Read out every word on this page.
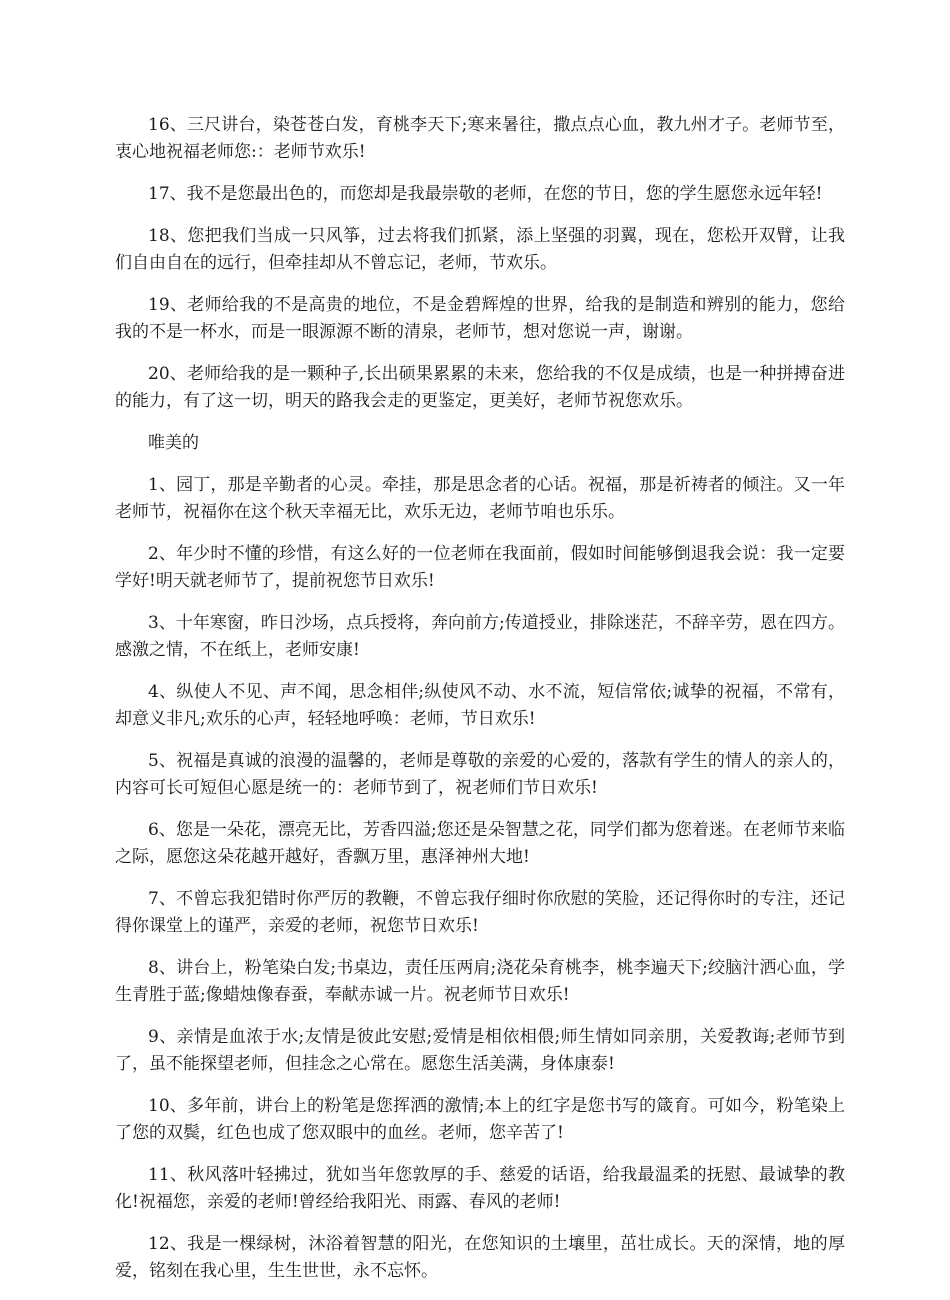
16、三尺讲台，染苍苍白发，育桃李天下;寒来暑往，撒点点心血，教九州才子。老师节至，衷心地祝福老师您:：老师节欢乐!

17、我不是您最出色的，而您却是我最崇敬的老师，在您的节日，您的学生愿您永远年轻!

18、您把我们当成一只风筝，过去将我们抓紧，添上坚强的羽翼，现在，您松开双臂，让我们自由自在的远行，但牵挂却从不曾忘记，老师，节欢乐。

19、老师给我的不是高贵的地位，不是金碧辉煌的世界，给我的是制造和辨别的能力，您给我的不是一杯水，而是一眼源源不断的清泉，老师节，想对您说一声，谢谢。

20、老师给我的是一颗种子,长出硕果累累的未来，您给我的不仅是成绩，也是一种拼搏奋进的能力，有了这一切，明天的路我会走的更鉴定，更美好，老师节祝您欢乐。

唯美的

1、园丁，那是辛勤者的心灵。牵挂，那是思念者的心话。祝福，那是祈祷者的倾注。又一年老师节，祝福你在这个秋天幸福无比，欢乐无边，老师节咱也乐乐。

2、年少时不懂的珍惜，有这么好的一位老师在我面前，假如时间能够倒退我会说：我一定要学好!明天就老师节了，提前祝您节日欢乐!

3、十年寒窗，昨日沙场，点兵授将，奔向前方;传道授业，排除迷茫，不辞辛劳，恩在四方。感激之情，不在纸上，老师安康!

4、纵使人不见、声不闻，思念相伴;纵使风不动、水不流，短信常依;诚挚的祝福，不常有，却意义非凡;欢乐的心声，轻轻地呼唤：老师，节日欢乐!

5、祝福是真诚的浪漫的温馨的，老师是尊敬的亲爱的心爱的，落款有学生的情人的亲人的，内容可长可短但心愿是统一的：老师节到了，祝老师们节日欢乐!

6、您是一朵花，漂亮无比，芳香四溢;您还是朵智慧之花，同学们都为您着迷。在老师节来临之际，愿您这朵花越开越好，香飘万里，惠泽神州大地!

7、不曾忘我犯错时你严厉的教鞭，不曾忘我仔细时你欣慰的笑脸，还记得你时的专注，还记得你课堂上的谨严，亲爱的老师，祝您节日欢乐!

8、讲台上，粉笔染白发;书桌边，责任压两肩;浇花朵育桃李，桃李遍天下;绞脑汁洒心血，学生青胜于蓝;像蜡烛像春蚕，奉献赤诚一片。祝老师节日欢乐!

9、亲情是血浓于水;友情是彼此安慰;爱情是相依相偎;师生情如同亲朋，关爱教诲;老师节到了，虽不能探望老师，但挂念之心常在。愿您生活美满，身体康泰!

10、多年前，讲台上的粉笔是您挥洒的激情;本上的红字是您书写的箴育。可如今，粉笔染上了您的双鬓，红色也成了您双眼中的血丝。老师，您辛苦了!

11、秋风落叶轻拂过，犹如当年您敦厚的手、慈爱的话语，给我最温柔的抚慰、最诚挚的教化!祝福您，亲爱的老师!曾经给我阳光、雨露、春风的老师!

12、我是一棵绿树，沐浴着智慧的阳光，在您知识的土壤里，茁壮成长。天的深情，地的厚爱，铭刻在我心里，生生世世，永不忘怀。
